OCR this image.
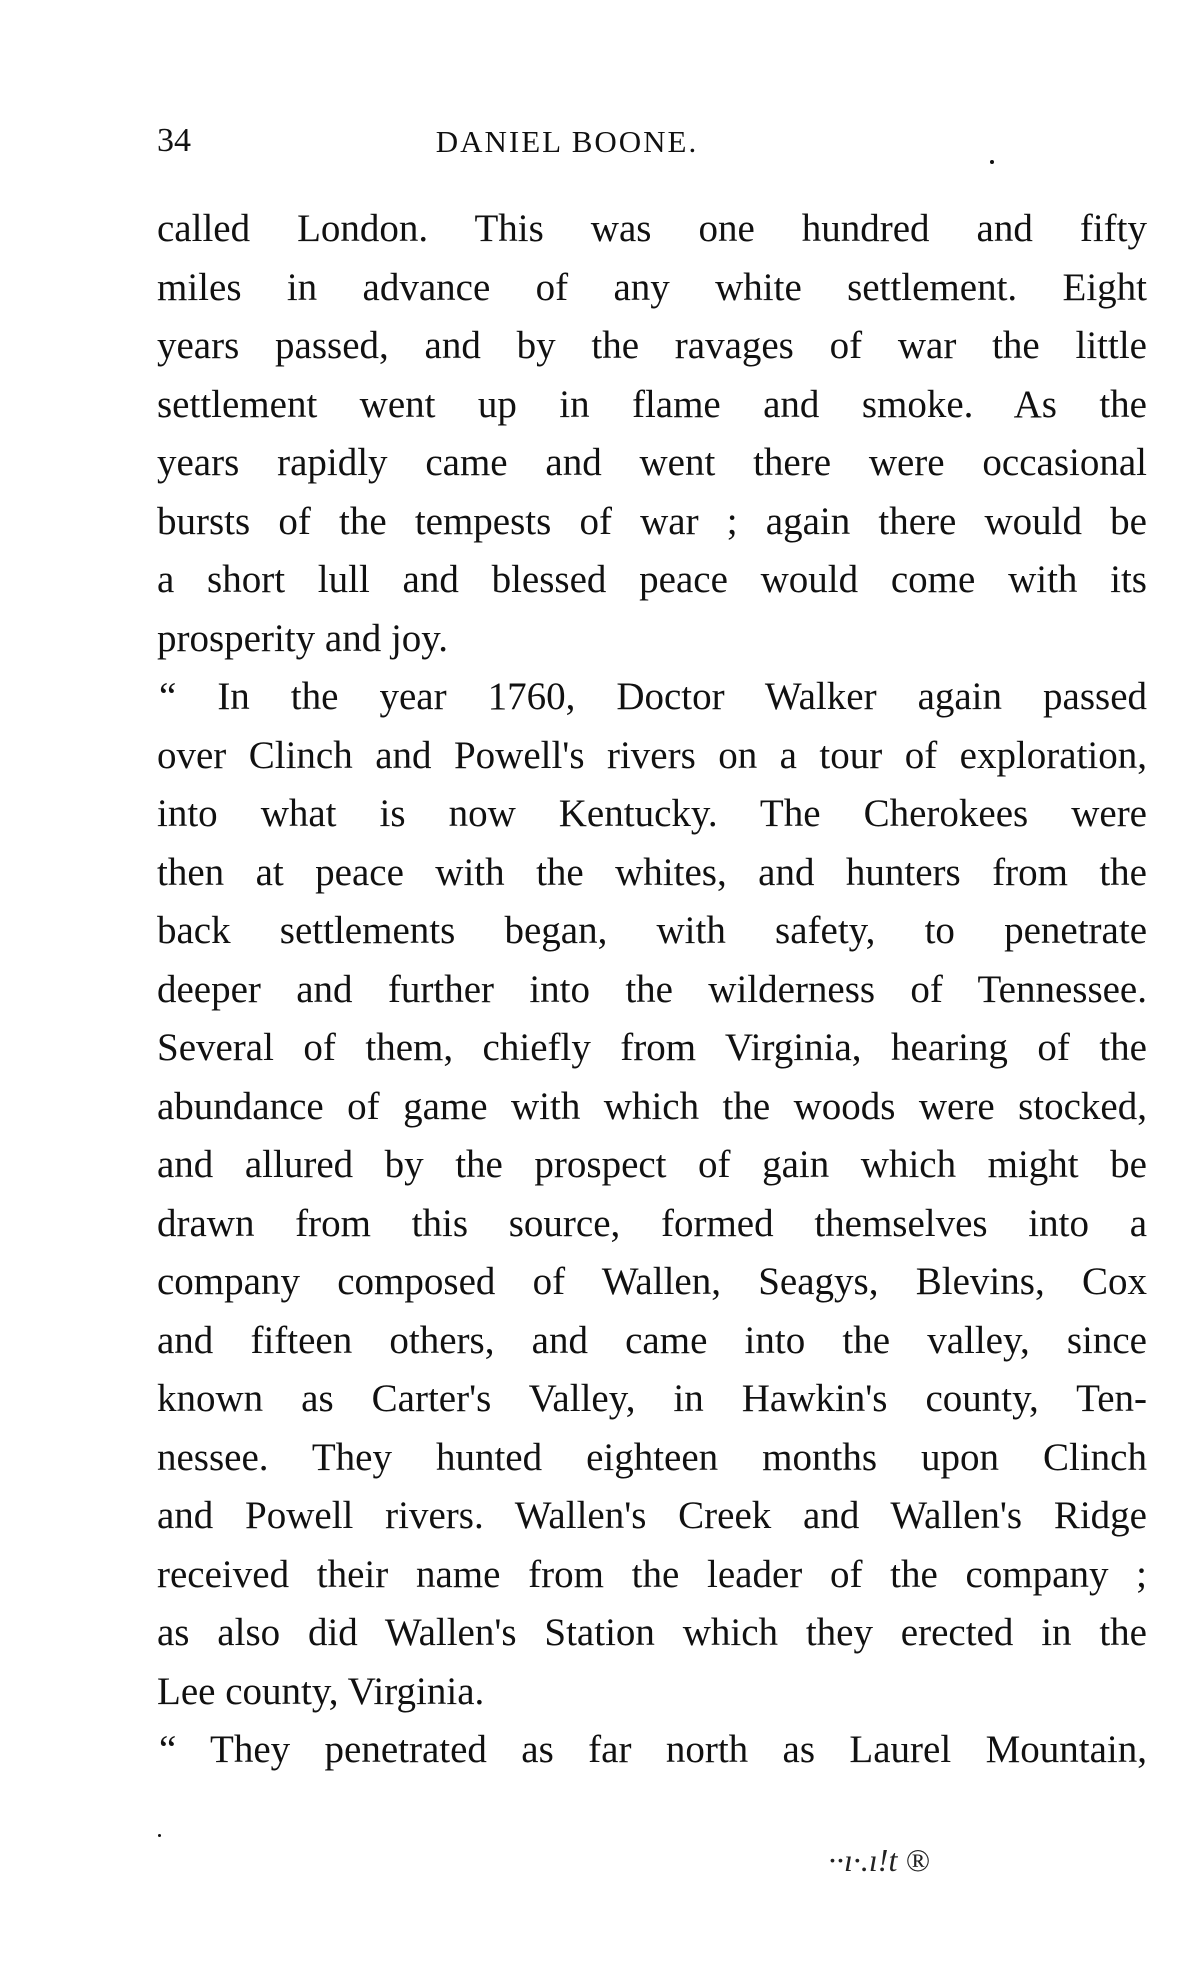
34	DANIEL BOONE.
called London. This was one hundred and fifty
miles in advance of any white settlement. Eight
years passed, and by the ravages of war the little
settlement went up in flame and smoke. As the
years rapidly came and went there were occasional
bursts of the tempests of war ; again there would be
a short lull and blessed peace would come with its
prosperity and joy.
“ In the year 1760, Doctor Walker again passed
over Clinch and Powell's rivers on a tour of exploration,
into what is now Kentucky. The Cherokees were
then at peace with the whites, and hunters from the
back settlements began, with safety, to penetrate
deeper and further into the wilderness of Tennessee.
Several of them, chiefly from Virginia, hearing of the
abundance of game with which the woods were stocked,
and allured by the prospect of gain which might be
drawn from this source, formed themselves into a
company composed of Wallen, Seagys, Blevins, Cox
and fifteen others, and came into the valley, since
known as Carter's Valley, in Hawkin's county, Ten-
nessee. They hunted eighteen months upon Clinch
and Powell rivers. Wallen's Creek and Wallen's Ridge
received their name from the leader of the company ;
as also did Wallen's Station which they erected in the
Lee county, Virginia.
“ They penetrated as far north as Laurel Mountain,
··ı·.ı!t ®
